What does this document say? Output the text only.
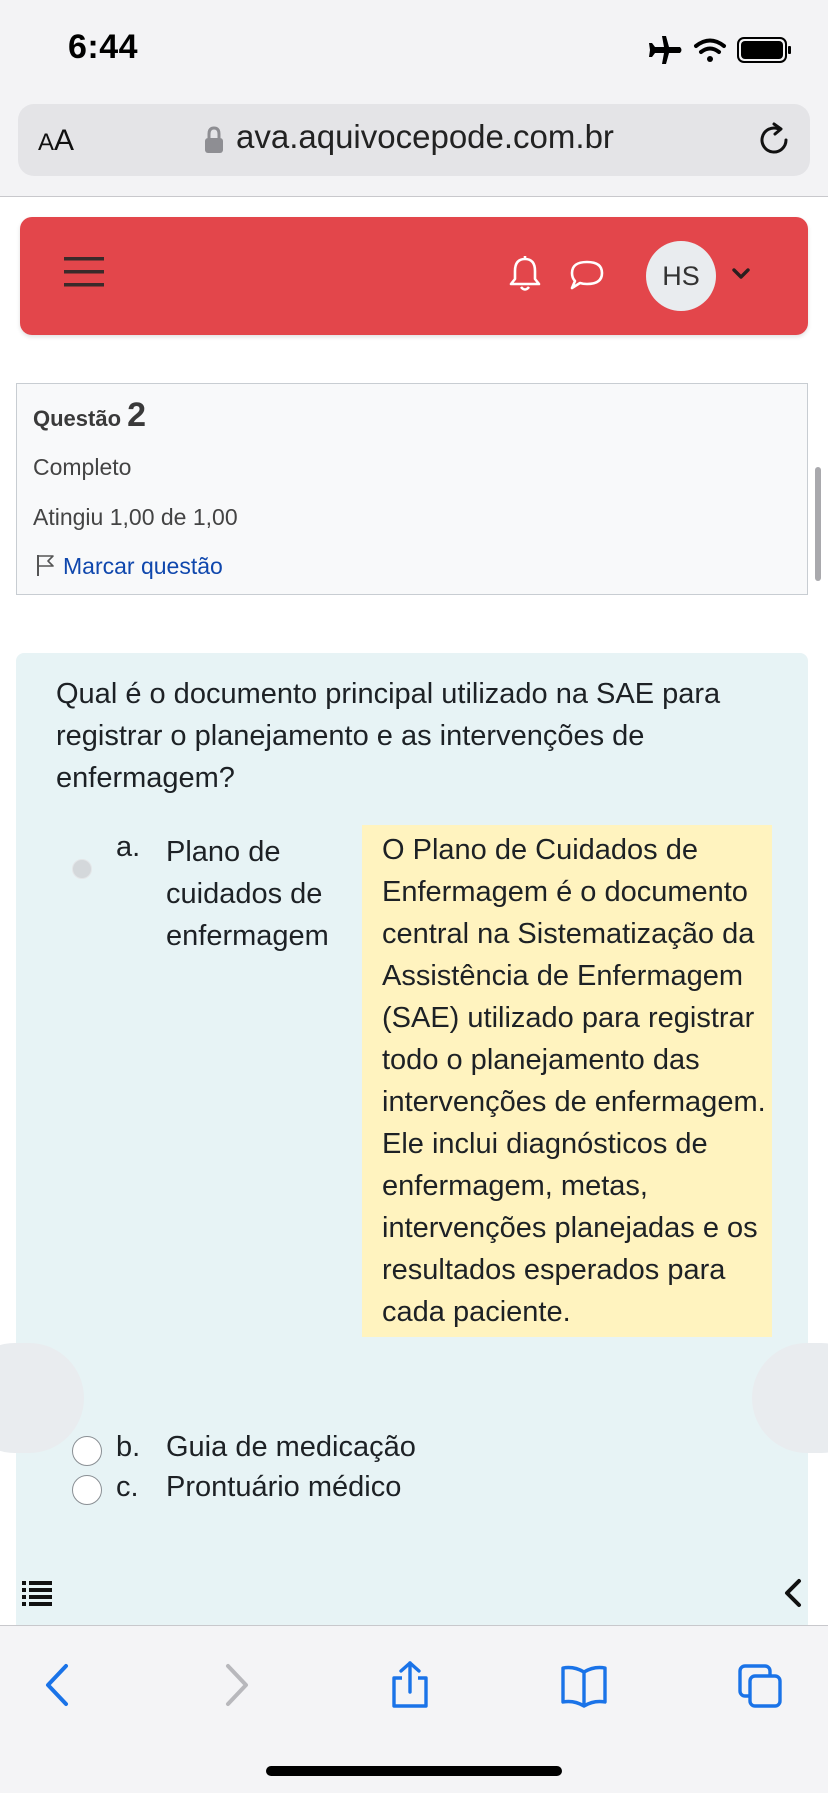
6:44
AA	ava.aquivocepode.com.br
HS
Questão 2
Completo
Atingiu 1,00 de 1,00
Marcar questão
Qual é o documento principal utilizado na SAE para registrar o planejamento e as intervenções de enfermagem?
a. Plano de cuidados de enfermagem
O Plano de Cuidados de Enfermagem é o documento central na Sistematização da Assistência de Enfermagem (SAE) utilizado para registrar todo o planejamento das intervenções de enfermagem. Ele inclui diagnósticos de enfermagem, metas, intervenções planejadas e os resultados esperados para cada paciente.
b. Guia de medicação
c. Prontuário médico
